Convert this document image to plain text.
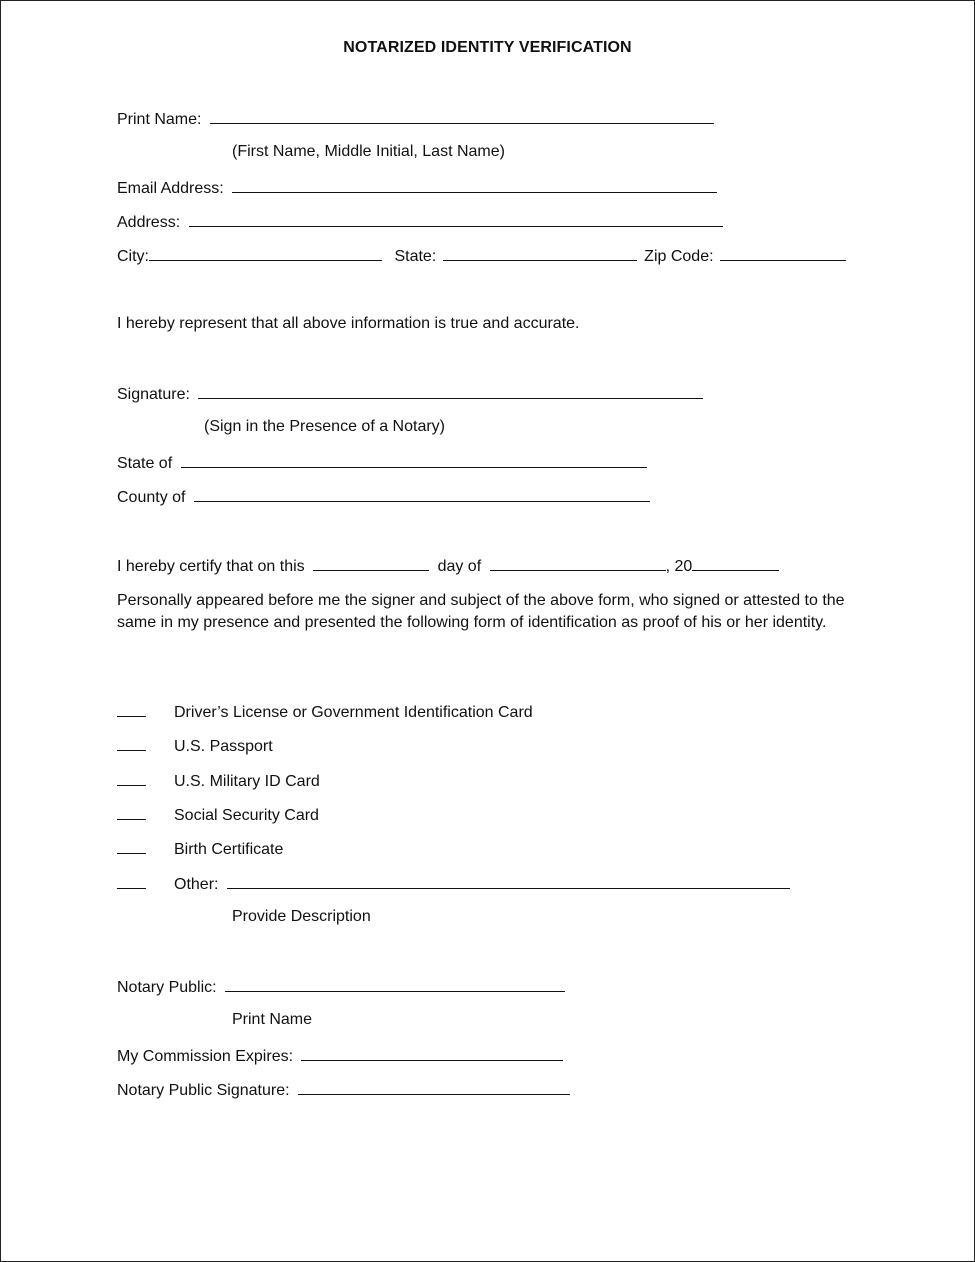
NOTARIZED IDENTITY VERIFICATION
Print Name:
(First Name, Middle Initial, Last Name)
Email Address:
Address:
City:	State:	Zip Code:
I hereby represent that all above information is true and accurate.
Signature:
(Sign in the Presence of a Notary)
State of
County of
I hereby certify that on this	day of	, 20
Personally appeared before me the signer and subject of the above form, who signed or attested to the same in my presence and presented the following form of identification as proof of his or her identity.
Driver’s License or Government Identification Card
U.S. Passport
U.S. Military ID Card
Social Security Card
Birth Certificate
Other:
Provide Description
Notary Public:
Print Name
My Commission Expires:
Notary Public Signature:
